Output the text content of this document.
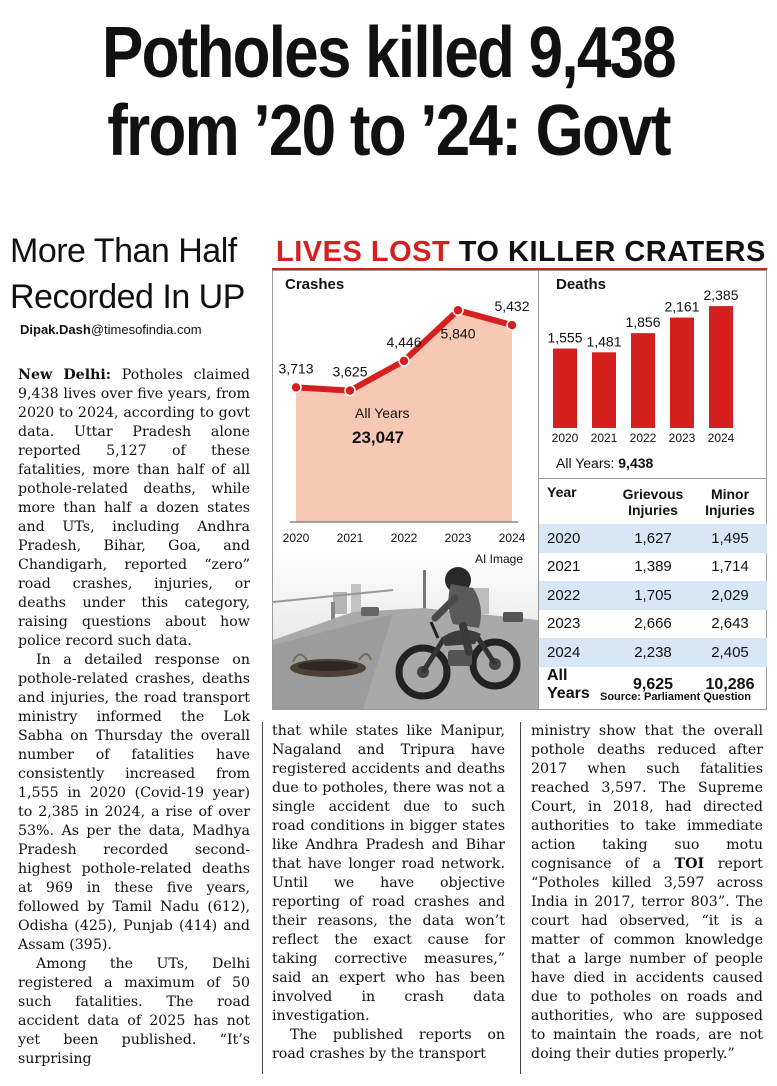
Potholes killed 9,438
from ’20 to ’24: Govt
More Than Half
Recorded In UP
Dipak.Dash@timesofindia.com

New Delhi: Potholes claimed 9,438 lives over five years, from 2020 to 2024, according to govt data. Uttar Pradesh alone reported 5,127 of these fatalities, more than half of all pothole-related deaths, while more than half a dozen states and UTs, including Andhra Pradesh, Bihar, Goa, and Chandigarh, reported “zero” road crashes, injuries, or deaths under this category, raising questions about how police record such data.

In a detailed response on pothole-related crashes, deaths and injuries, the road transport ministry informed the Lok Sabha on Thursday the overall number of fatalities have consistently increased from 1,555 in 2020 (Covid-19 year) to 2,385 in 2024, a rise of over 53%. As per the data, Madhya Pradesh recorded second-highest pothole-related deaths at 969 in these five years, followed by Tamil Nadu (612), Odisha (425), Punjab (414) and Assam (395).

Among the UTs, Delhi registered a maximum of 50 such fatalities. The road accident data of 2025 has not yet been published. “It’s surprising

LIVES LOST TO KILLER CRATERS
Crashes
3,713
2020
3,625
2021
4,446
2022
5,840
2023
5,432
2024
All Years
23,047
Deaths
1,555
2020
1,481
2021
1,856
2022
2,161
2023
2,385
2024
All Years: 9,438
AI Image
Year	Grievous Injuries	Minor Injuries
2020	1,627	1,495
2021	1,389	1,714
2022	1,705	2,029
2023	2,666	2,643
2024	2,238	2,405
All Years	9,625	10,286
Source: Parliament Question

that while states like Manipur, Nagaland and Tripura have registered accidents and deaths due to potholes, there was not a single accident due to such road conditions in bigger states like Andhra Pradesh and Bihar that have longer road network. Until we have objective reporting of road crashes and their reasons, the data won’t reflect the exact cause for taking corrective measures,” said an expert who has been involved in crash data investigation.

The published reports on road crashes by the transport

ministry show that the overall pothole deaths reduced after 2017 when such fatalities reached 3,597. The Supreme Court, in 2018, had directed authorities to take immediate action taking suo motu cognisance of a TOI report “Potholes killed 3,597 across India in 2017, terror 803”. The court had observed, “it is a matter of common knowledge that a large number of people have died in accidents caused due to potholes on roads and authorities, who are supposed to maintain the roads, are not doing their duties properly.”
